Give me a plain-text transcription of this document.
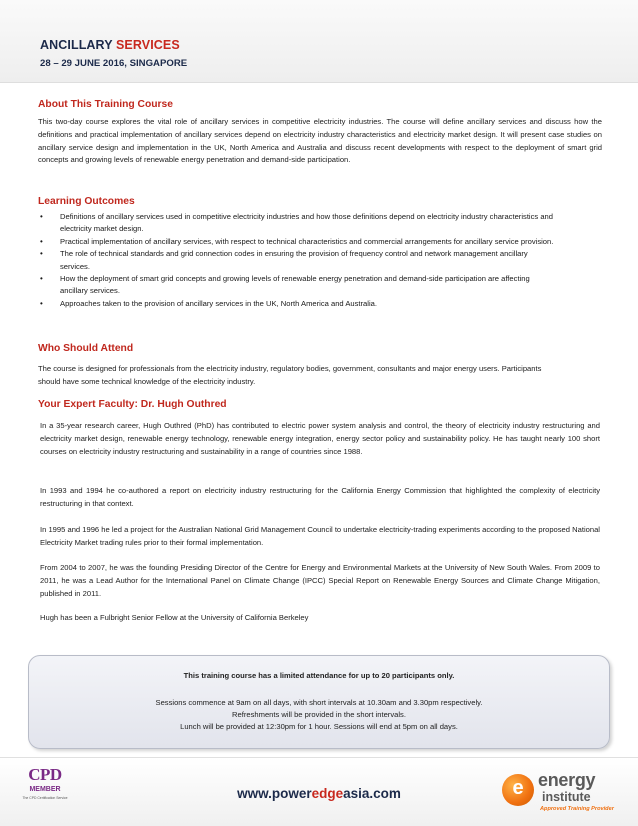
ANCILLARY SERVICES
28 – 29 JUNE 2016, SINGAPORE
About This Training Course
This two-day course explores the vital role of ancillary services in competitive electricity industries. The course will define ancillary services and discuss how the definitions and practical implementation of ancillary services depend on electricity industry characteristics and electricity market design. It will present case studies on ancillary service design and implementation in the UK, North America and Australia and discuss recent developments with respect to the deployment of smart grid concepts and growing levels of renewable energy penetration and demand-side participation.
Learning Outcomes
• Definitions of ancillary services used in competitive electricity industries and how those definitions depend on electricity industry characteristics and electricity market design.
• Practical implementation of ancillary services, with respect to technical characteristics and commercial arrangements for ancillary service provision.
• The role of technical standards and grid connection codes in ensuring the provision of frequency control and network management ancillary services.
• How the deployment of smart grid concepts and growing levels of renewable energy penetration and demand-side participation are affecting ancillary services.
• Approaches taken to the provision of ancillary services in the UK, North America and Australia.
Who Should Attend
The course is designed for professionals from the electricity industry, regulatory bodies, government, consultants and major energy users. Participants should have some technical knowledge of the electricity industry.
Your Expert Faculty: Dr. Hugh Outhred
In a 35-year research career, Hugh Outhred (PhD) has contributed to electric power system analysis and control, the theory of electricity industry restructuring and electricity market design, renewable energy technology, renewable energy integration, energy sector policy and sustainability policy. He has taught nearly 100 short courses on electricity industry restructuring and sustainability in a range of countries since 1988.
In 1993 and 1994 he co-authored a report on electricity industry restructuring for the California Energy Commission that highlighted the complexity of electricity restructuring in that context.
In 1995 and 1996 he led a project for the Australian National Grid Management Council to undertake electricity-trading experiments according to the proposed National Electricity Market trading rules prior to their formal implementation.
From 2004 to 2007, he was the founding Presiding Director of the Centre for Energy and Environmental Markets at the University of New South Wales. From 2009 to 2011, he was a Lead Author for the International Panel on Climate Change (IPCC) Special Report on Renewable Energy Sources and Climate Change Mitigation, published in 2011.
Hugh has been a Fulbright Senior Fellow at the University of California Berkeley
This training course has a limited attendance for up to 20 participants only.
Sessions commence at 9am on all days, with short intervals at 10.30am and 3.30pm respectively.
Refreshments will be provided in the short intervals.
Lunch will be provided at 12:30pm for 1 hour. Sessions will end at 5pm on all days.
CPD
MEMBER
The CPD Certification Service	www.poweredgeasia.com	e energy
institute
Approved Training Provider
